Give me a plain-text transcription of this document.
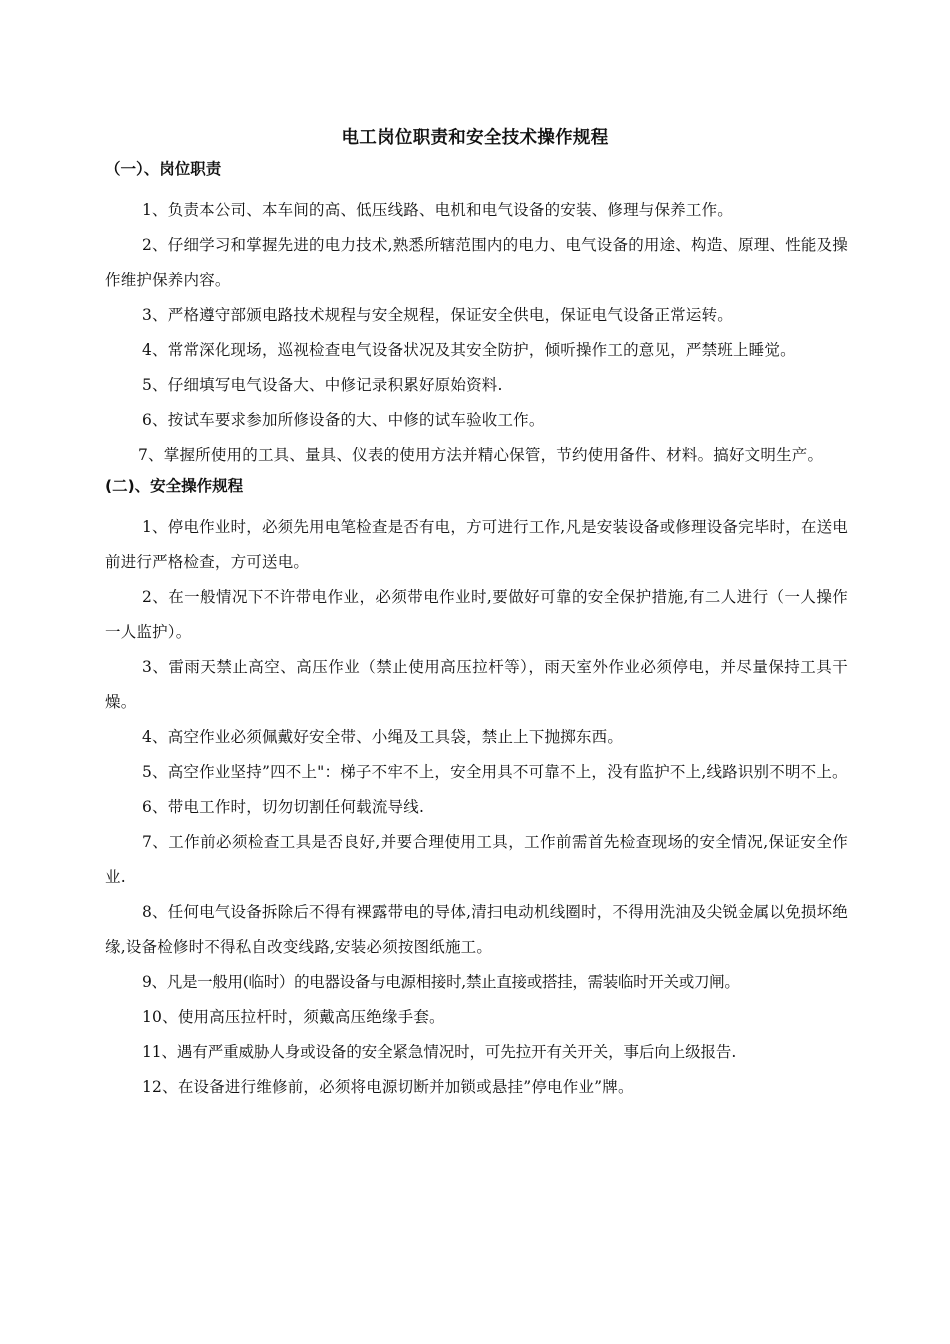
电工岗位职责和安全技术操作规程
（一）、岗位职责

1、负责本公司、本车间的高、低压线路、电机和电气设备的安装、修理与保养工作。

2、仔细学习和掌握先进的电力技术,熟悉所辖范围内的电力、电气设备的用途、构造、原理、性能及操作维护保养内容。

3、严格遵守部颁电路技术规程与安全规程，保证安全供电，保证电气设备正常运转。

4、常常深化现场，巡视检查电气设备状况及其安全防护，倾听操作工的意见，严禁班上睡觉。

5、仔细填写电气设备大、中修记录积累好原始资料.

6、按试车要求参加所修设备的大、中修的试车验收工作。

7、掌握所使用的工具、量具、仪表的使用方法并精心保管，节约使用备件、材料。搞好文明生产。

(二)、安全操作规程

1、停电作业时，必须先用电笔检查是否有电，方可进行工作,凡是安装设备或修理设备完毕时，在送电前进行严格检查，方可送电。

2、在一般情况下不许带电作业，必须带电作业时,要做好可靠的安全保护措施,有二人进行（一人操作一人监护）。

3、雷雨天禁止高空、高压作业（禁止使用高压拉杆等），雨天室外作业必须停电，并尽量保持工具干燥。

4、高空作业必须佩戴好安全带、小绳及工具袋，禁止上下抛掷东西。

5、高空作业坚持”四不上"：梯子不牢不上，安全用具不可靠不上，没有监护不上,线路识别不明不上。

6、带电工作时，切勿切割任何载流导线.

7、工作前必须检查工具是否良好,并要合理使用工具，工作前需首先检查现场的安全情况,保证安全作业.

8、任何电气设备拆除后不得有裸露带电的导体,清扫电动机线圈时，不得用洗油及尖锐金属以免损坏绝缘,设备检修时不得私自改变线路,安装必须按图纸施工。

9、凡是一般用(临时）的电器设备与电源相接时,禁止直接或搭挂，需装临时开关或刀闸。

10、使用高压拉杆时，须戴高压绝缘手套。

11、遇有严重威胁人身或设备的安全紧急情况时，可先拉开有关开关，事后向上级报告.

12、在设备进行维修前，必须将电源切断并加锁或悬挂”停电作业”牌。
